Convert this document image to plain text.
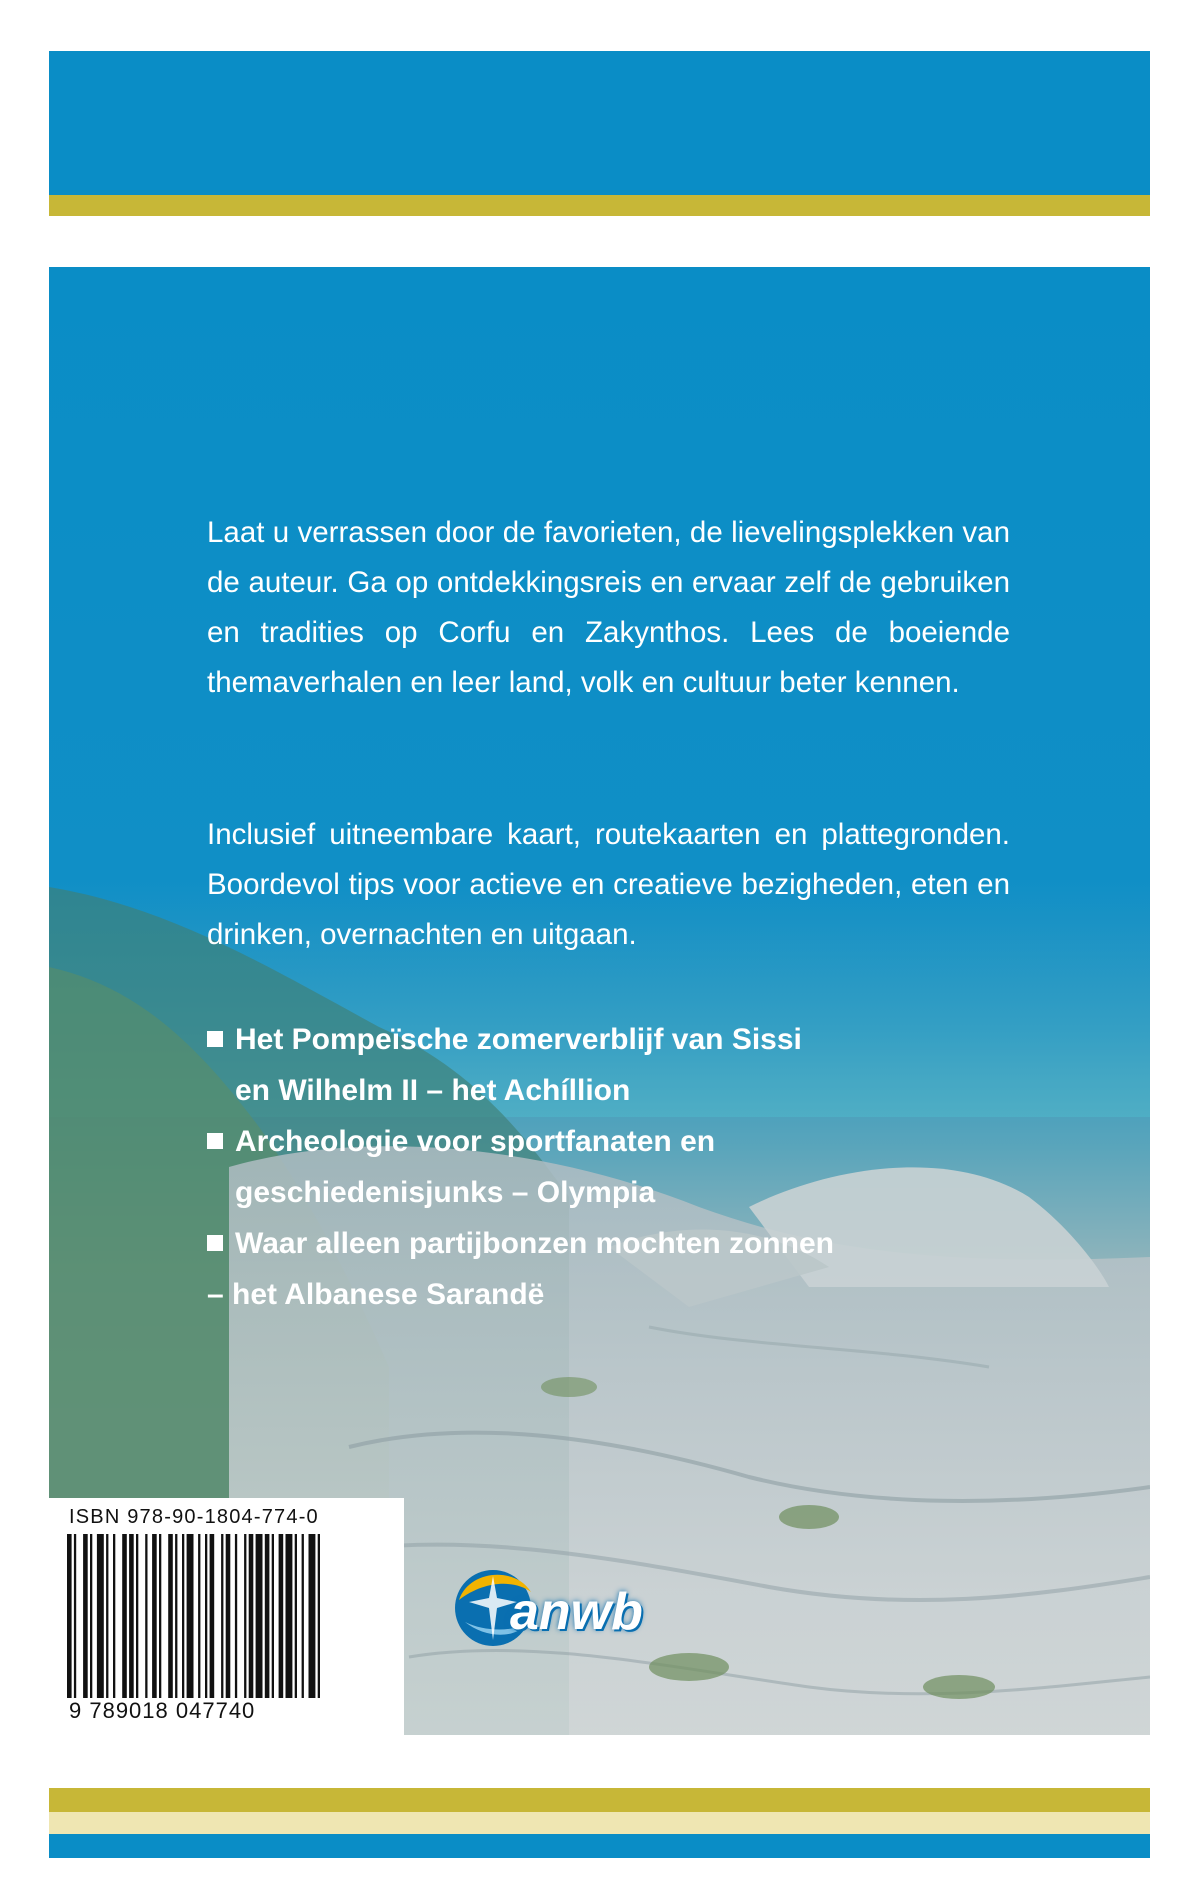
Laat u verrassen door de favorieten, de lievelingsplekken van de auteur. Ga op ontdekkingsreis en ervaar zelf de gebruiken en tradities op Corfu en Zakynthos. Lees de boeiende themaverhalen en leer land, volk en cultuur beter kennen.

Inclusief uitneembare kaart, routekaarten en plattegronden. Boordevol tips voor actieve en creatieve bezigheden, eten en drinken, overnachten en uitgaan.

Het Pompeïsche zomerverblijf van Sissi
en Wilhelm II – het Achíllion
Archeologie voor sportfanaten en
geschiedenisjunks – Olympia
Waar alleen partijbonzen mochten zonnen
– het Albanese Sarandë
ISBN 978-90-1804-774-0
9 789018 047740
anwb
